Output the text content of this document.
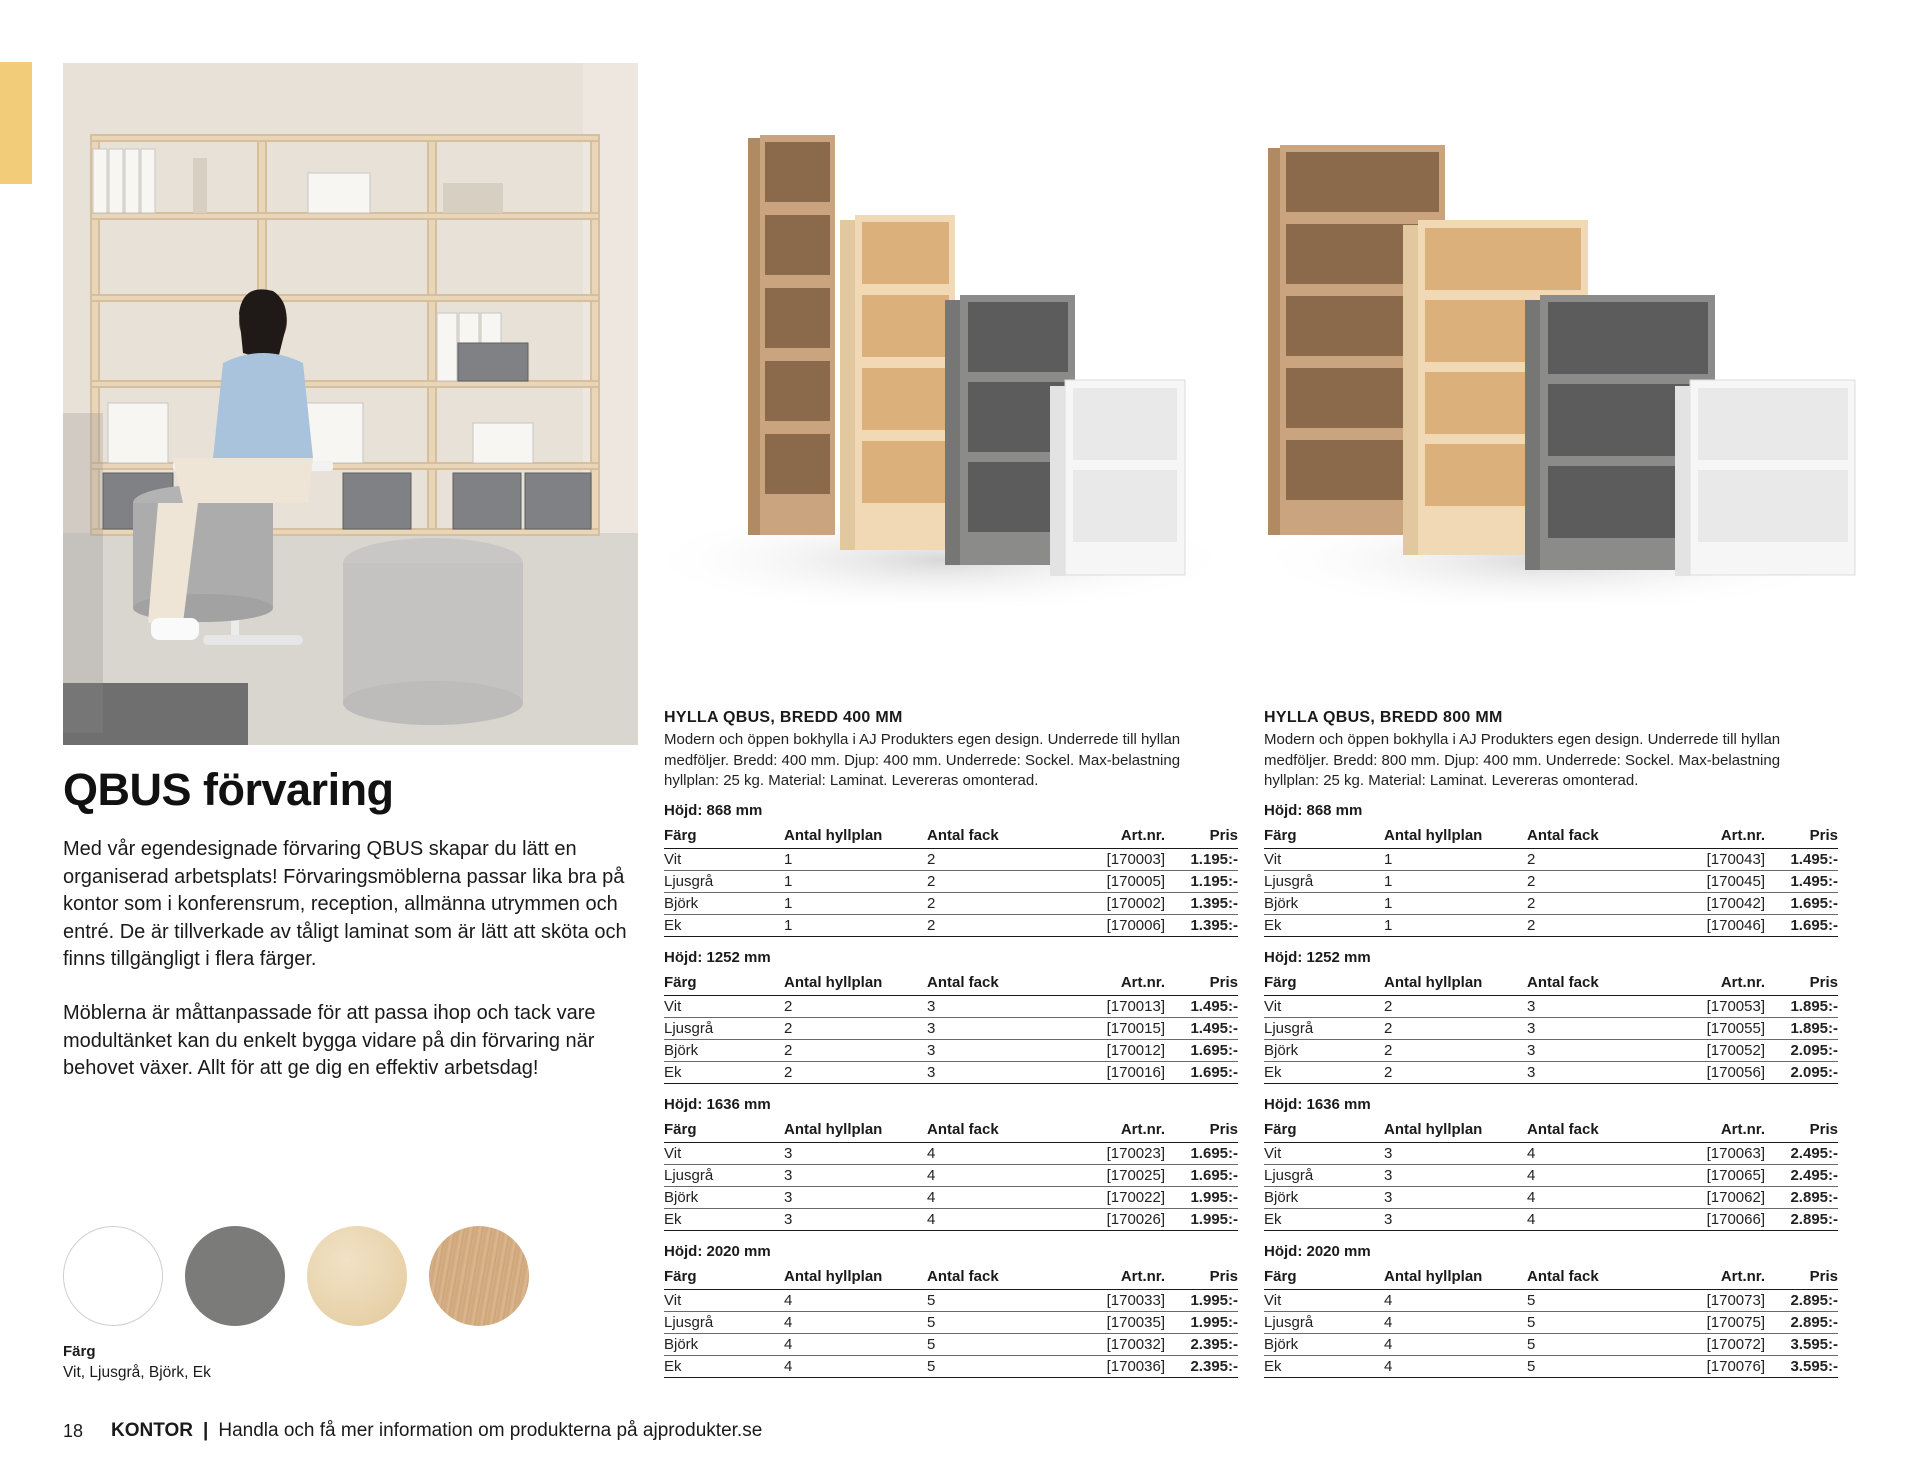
QBUS förvaring

Med vår egendesignade förvaring QBUS skapar du lätt en organiserad arbetsplats! Förvaringsmöblerna passar lika bra på kontor som i konferensrum, reception, allmänna utrymmen och entré. De är tillverkade av tåligt laminat som är lätt att sköta och finns tillgängligt i flera färger.

Möblerna är måttanpassade för att passa ihop och tack vare modultänket kan du enkelt bygga vidare på din förvaring när behovet växer. Allt för att ge dig en effektiv arbetsdag!

Färg
Vit, Ljusgrå, Björk, Ek
HYLLA QBUS, BREDD 400 MM

Modern och öppen bokhylla i AJ Produkters egen design. Underrede till hyllan medföljer. Bredd: 400 mm. Djup: 400 mm. Underrede: Sockel. Max-belastning hyllplan: 25 kg. Material: Laminat. Levereras omonterad.

Höjd: 868 mm
Färg	Antal hyllplan	Antal fack	Art.nr.	Pris
Vit	1	2	[170003]	1.195:-
Ljusgrå	1	2	[170005]	1.195:-
Björk	1	2	[170002]	1.395:-
Ek	1	2	[170006]	1.395:-
Höjd: 1252 mm
Färg	Antal hyllplan	Antal fack	Art.nr.	Pris
Vit	2	3	[170013]	1.495:-
Ljusgrå	2	3	[170015]	1.495:-
Björk	2	3	[170012]	1.695:-
Ek	2	3	[170016]	1.695:-
Höjd: 1636 mm
Färg	Antal hyllplan	Antal fack	Art.nr.	Pris
Vit	3	4	[170023]	1.695:-
Ljusgrå	3	4	[170025]	1.695:-
Björk	3	4	[170022]	1.995:-
Ek	3	4	[170026]	1.995:-
Höjd: 2020 mm
Färg	Antal hyllplan	Antal fack	Art.nr.	Pris
Vit	4	5	[170033]	1.995:-
Ljusgrå	4	5	[170035]	1.995:-
Björk	4	5	[170032]	2.395:-
Ek	4	5	[170036]	2.395:-
HYLLA QBUS, BREDD 800 MM

Modern och öppen bokhylla i AJ Produkters egen design. Underrede till hyllan medföljer. Bredd: 800 mm. Djup: 400 mm. Underrede: Sockel. Max-belastning hyllplan: 25 kg. Material: Laminat. Levereras omonterad.

Höjd: 868 mm
Färg	Antal hyllplan	Antal fack	Art.nr.	Pris
Vit	1	2	[170043]	1.495:-
Ljusgrå	1	2	[170045]	1.495:-
Björk	1	2	[170042]	1.695:-
Ek	1	2	[170046]	1.695:-
Höjd: 1252 mm
Färg	Antal hyllplan	Antal fack	Art.nr.	Pris
Vit	2	3	[170053]	1.895:-
Ljusgrå	2	3	[170055]	1.895:-
Björk	2	3	[170052]	2.095:-
Ek	2	3	[170056]	2.095:-
Höjd: 1636 mm
Färg	Antal hyllplan	Antal fack	Art.nr.	Pris
Vit	3	4	[170063]	2.495:-
Ljusgrå	3	4	[170065]	2.495:-
Björk	3	4	[170062]	2.895:-
Ek	3	4	[170066]	2.895:-
Höjd: 2020 mm
Färg	Antal hyllplan	Antal fack	Art.nr.	Pris
Vit	4	5	[170073]	2.895:-
Ljusgrå	4	5	[170075]	2.895:-
Björk	4	5	[170072]	3.595:-
Ek	4	5	[170076]	3.595:-
18 KONTOR | Handla och få mer information om produkterna på ajprodukter.se
